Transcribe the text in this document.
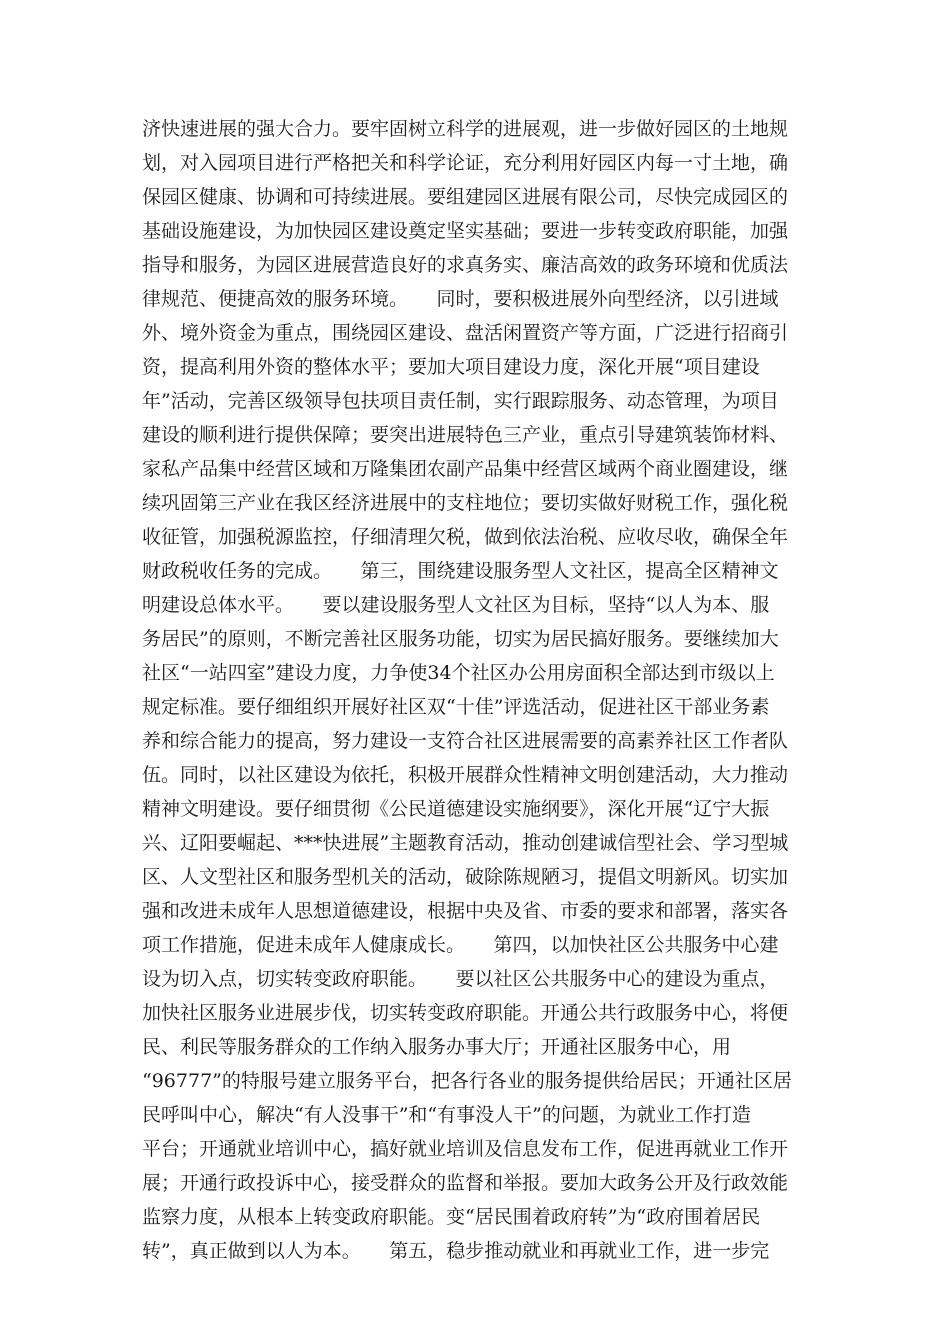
济快速进展的强大合力。要牢固树立科学的进展观，进一步做好园区的土地规
划，对入园项目进行严格把关和科学论证，充分利用好园区内每一寸土地，确
保园区健康、协调和可持续进展。要组建园区进展有限公司，尽快完成园区的
基础设施建设，为加快园区建设奠定坚实基础；要进一步转变政府职能，加强
指导和服务，为园区进展营造良好的求真务实、廉洁高效的政务环境和优质法
律规范、便捷高效的服务环境。　　同时，要积极进展外向型经济，以引进域
外、境外资金为重点，围绕园区建设、盘活闲置资产等方面，广泛进行招商引
资，提高利用外资的整体水平；要加大项目建设力度，深化开展“项目建设
年”活动，完善区级领导包扶项目责任制，实行跟踪服务、动态管理，为项目
建设的顺利进行提供保障；要突出进展特色三产业，重点引导建筑装饰材料、
家私产品集中经营区域和万隆集团农副产品集中经营区域两个商业圈建设，继
续巩固第三产业在我区经济进展中的支柱地位；要切实做好财税工作，强化税
收征管，加强税源监控，仔细清理欠税，做到依法治税、应收尽收，确保全年
财政税收任务的完成。　　第三，围绕建设服务型人文社区，提高全区精神文
明建设总体水平。　　要以建设服务型人文社区为目标，坚持“以人为本、服
务居民”的原则，不断完善社区服务功能，切实为居民搞好服务。要继续加大
社区“一站四室”建设力度，力争使34个社区办公用房面积全部达到市级以上
规定标准。要仔细组织开展好社区双“十佳”评选活动，促进社区干部业务素
养和综合能力的提高，努力建设一支符合社区进展需要的高素养社区工作者队
伍。同时，以社区建设为依托，积极开展群众性精神文明创建活动，大力推动
精神文明建设。要仔细贯彻《公民道德建设实施纲要》，深化开展“辽宁大振
兴、辽阳要崛起、***快进展”主题教育活动，推动创建诚信型社会、学习型城
区、人文型社区和服务型机关的活动，破除陈规陋习，提倡文明新风。切实加
强和改进未成年人思想道德建设，根据中央及省、市委的要求和部署，落实各
项工作措施，促进未成年人健康成长。　　第四，以加快社区公共服务中心建
设为切入点，切实转变政府职能。　　要以社区公共服务中心的建设为重点，
加快社区服务业进展步伐，切实转变政府职能。开通公共行政服务中心，将便
民、利民等服务群众的工作纳入服务办事大厅；开通社区服务中心，用
“96777”的特服号建立服务平台，把各行各业的服务提供给居民；开通社区居
民呼叫中心，解决“有人没事干”和“有事没人干”的问题，为就业工作打造
平台；开通就业培训中心，搞好就业培训及信息发布工作，促进再就业工作开
展；开通行政投诉中心，接受群众的监督和举报。要加大政务公开及行政效能
监察力度，从根本上转变政府职能。变“居民围着政府转”为“政府围着居民
转”，真正做到以人为本。　　第五，稳步推动就业和再就业工作，进一步完
